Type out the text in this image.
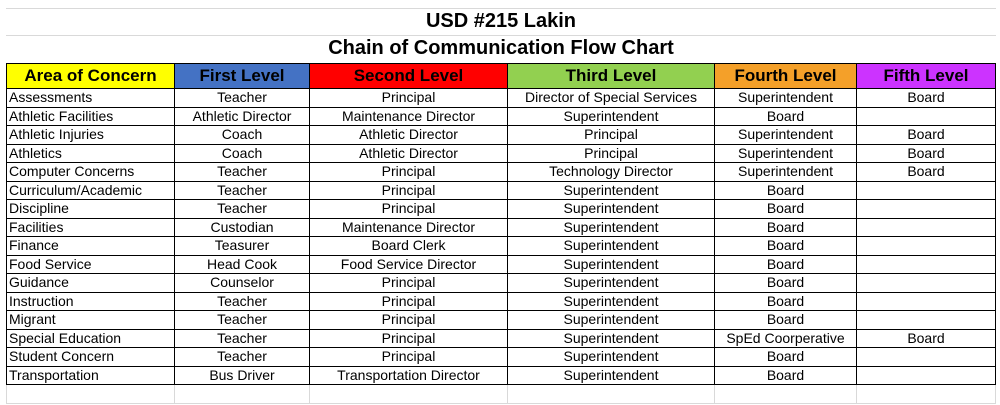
USD #215 Lakin
Chain of Communication Flow Chart
Area of Concern	First Level	Second Level	Third Level	Fourth Level	Fifth Level
Assessments	Teacher	Principal	Director of Special Services	Superintendent	Board
Athletic Facilities	Athletic Director	Maintenance Director	Superintendent	Board	
Athletic Injuries	Coach	Athletic Director	Principal	Superintendent	Board
Athletics	Coach	Athletic Director	Principal	Superintendent	Board
Computer Concerns	Teacher	Principal	Technology Director	Superintendent	Board
Curriculum/Academic	Teacher	Principal	Superintendent	Board	
Discipline	Teacher	Principal	Superintendent	Board	
Facilities	Custodian	Maintenance Director	Superintendent	Board	
Finance	Teasurer	Board Clerk	Superintendent	Board	
Food Service	Head Cook	Food Service Director	Superintendent	Board	
Guidance	Counselor	Principal	Superintendent	Board	
Instruction	Teacher	Principal	Superintendent	Board	
Migrant	Teacher	Principal	Superintendent	Board	
Special Education	Teacher	Principal	Superintendent	SpEd Coorperative	Board
Student Concern	Teacher	Principal	Superintendent	Board	
Transportation	Bus Driver	Transportation Director	Superintendent	Board	
